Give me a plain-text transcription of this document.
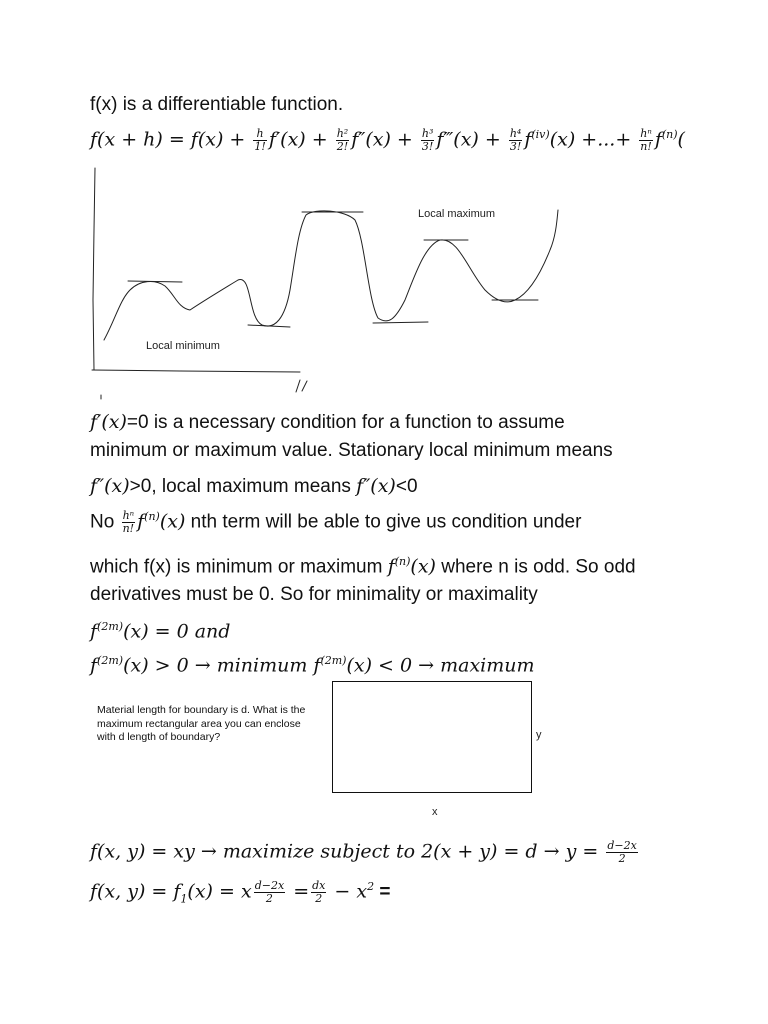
f(x) is a differentiable function.
$f(x + h) = f(x) + \frac{h}{1!} f'(x) + \frac{\text{h²}}{2!} f''(x) + \frac{\text{h³}}{3!}$ f‴(x) + $\frac{\text{h⁴}}{3!} f^{(iv)}(x)$ +...+ $\frac{\text{hⁿ}}{n!} f^{(n)}$(
Local maximum
Local minimum
f′(x)=0 is a necessary condition for a function to assume
minimum or maximum value. Stationary local minimum means
f″(x)>0, local maximum means f″(x)<0
No $\frac{\text{hⁿ}}{n!} f^{(n)}(x)$ nth term will be able to give us condition under
which f(x) is minimum or maximum $f^{(n)}(x)$ where n is odd. So odd
derivatives must be 0. So for minimality or maximality
$f^{(2m)}(x) = 0$ and
$f^{(2m)}(x) > 0$ → minimum $f^{(2m)}(x) < 0$ → maximum
Material length for boundary is d. What is the maximum rectangular area you can enclose with d length of boundary?	y
x
f(x, y) = xy → maximize subject to $2(x + y) = d \to y = \frac{d-2x}{2}$
f(x, $y) = f_1(x) = x \frac{d-2x}{2} = \frac{dx}{2} - x^2$ =
